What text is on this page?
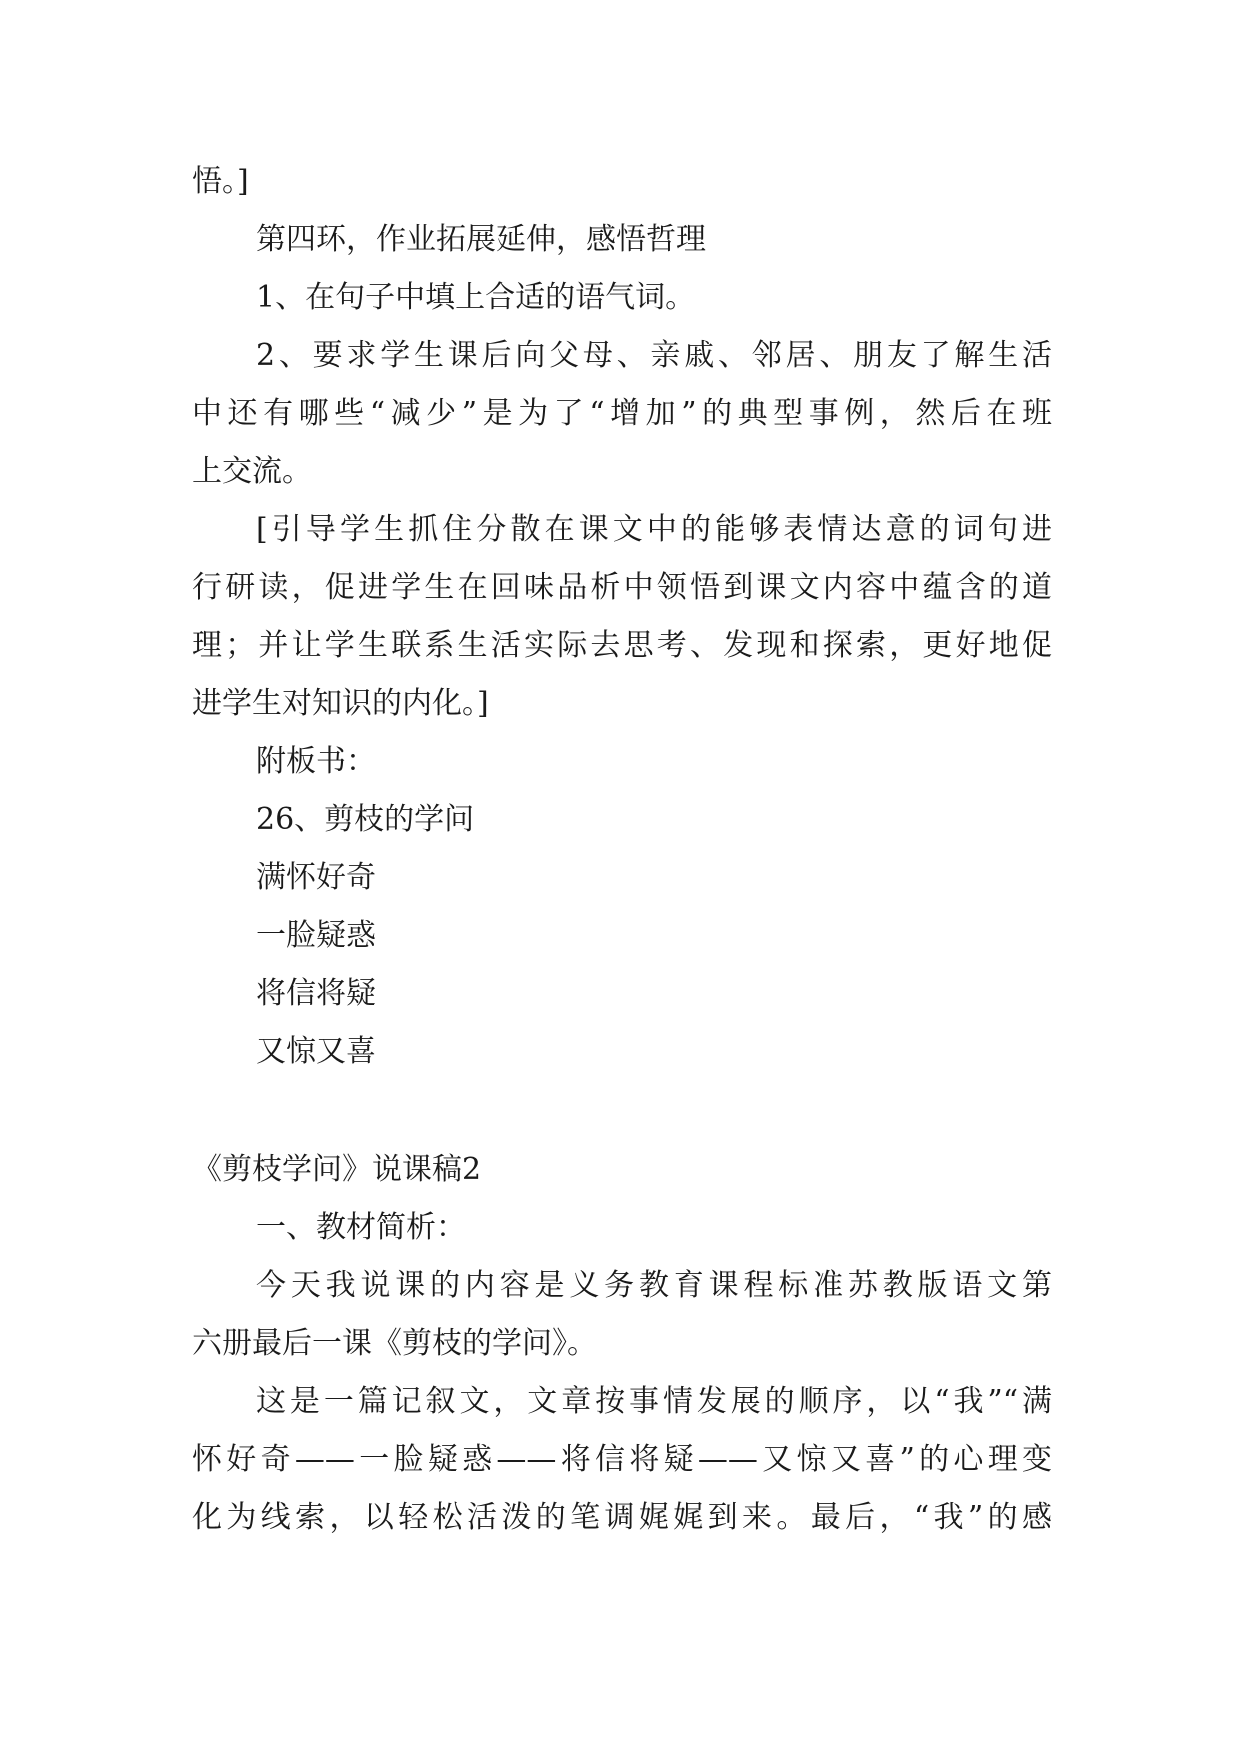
悟。]
第四环，作业拓展延伸，感悟哲理
1、在句子中填上合适的语气词。
2、要求学生课后向父母、亲戚、邻居、朋友了解生活
中还有哪些“减少”是为了“增加”的典型事例，然后在班
上交流。
[引导学生抓住分散在课文中的能够表情达意的词句进
行研读，促进学生在回味品析中领悟到课文内容中蕴含的道
理；并让学生联系生活实际去思考、发现和探索，更好地促
进学生对知识的内化。]
附板书：
26、剪枝的学问
满怀好奇
一脸疑惑
将信将疑
又惊又喜
《剪枝学问》说课稿2
一、教材简析：
今天我说课的内容是义务教育课程标准苏教版语文第
六册最后一课《剪枝的学问》。
这是一篇记叙文，文章按事情发展的顺序，以“我”“满
怀好奇——一脸疑惑——将信将疑——又惊又喜”的心理变
化为线索，以轻松活泼的笔调娓娓到来。最后，“我”的感
